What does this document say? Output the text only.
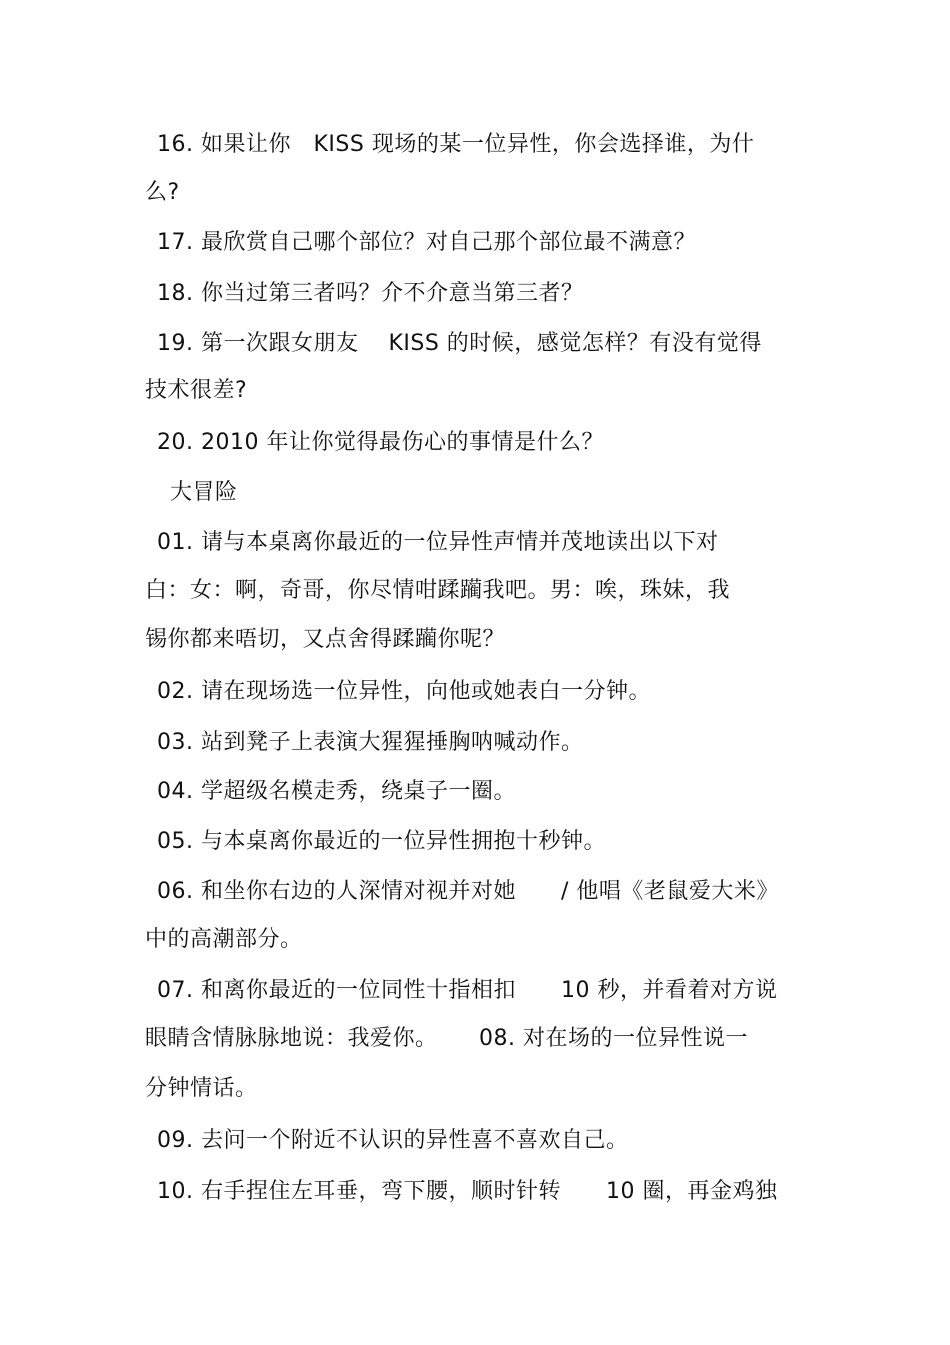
16. 如果让你　KISS 现场的某一位异性，你会选择谁，为什
么?
17. 最欣赏自己哪个部位？对自己那个部位最不满意？
18. 你当过第三者吗？介不介意当第三者？
19. 第一次跟女朋友　 KISS 的时候，感觉怎样？有没有觉得
技术很差?
20. 2010 年让你觉得最伤心的事情是什么？
大冒险
01. 请与本桌离你最近的一位异性声情并茂地读出以下对
白：女：啊，奇哥，你尽情咁蹂躏我吧。男：唉，珠妹，我
锡你都来唔切，又点舍得蹂躏你呢？
02. 请在现场选一位异性，向他或她表白一分钟。
03. 站到凳子上表演大猩猩捶胸呐喊动作。
04. 学超级名模走秀，绕桌子一圈。
05. 与本桌离你最近的一位异性拥抱十秒钟。
06. 和坐你右边的人深情对视并对她　　/ 他唱《老鼠爱大米》
中的高潮部分。
07. 和离你最近的一位同性十指相扣　　10 秒，并看着对方说
眼睛含情脉脉地说：我爱你。　　 08. 对在场的一位异性说一
分钟情话。
09. 去问一个附近不认识的异性喜不喜欢自己。
10. 右手捏住左耳垂，弯下腰，顺时针转　　10 圈，再金鸡独
